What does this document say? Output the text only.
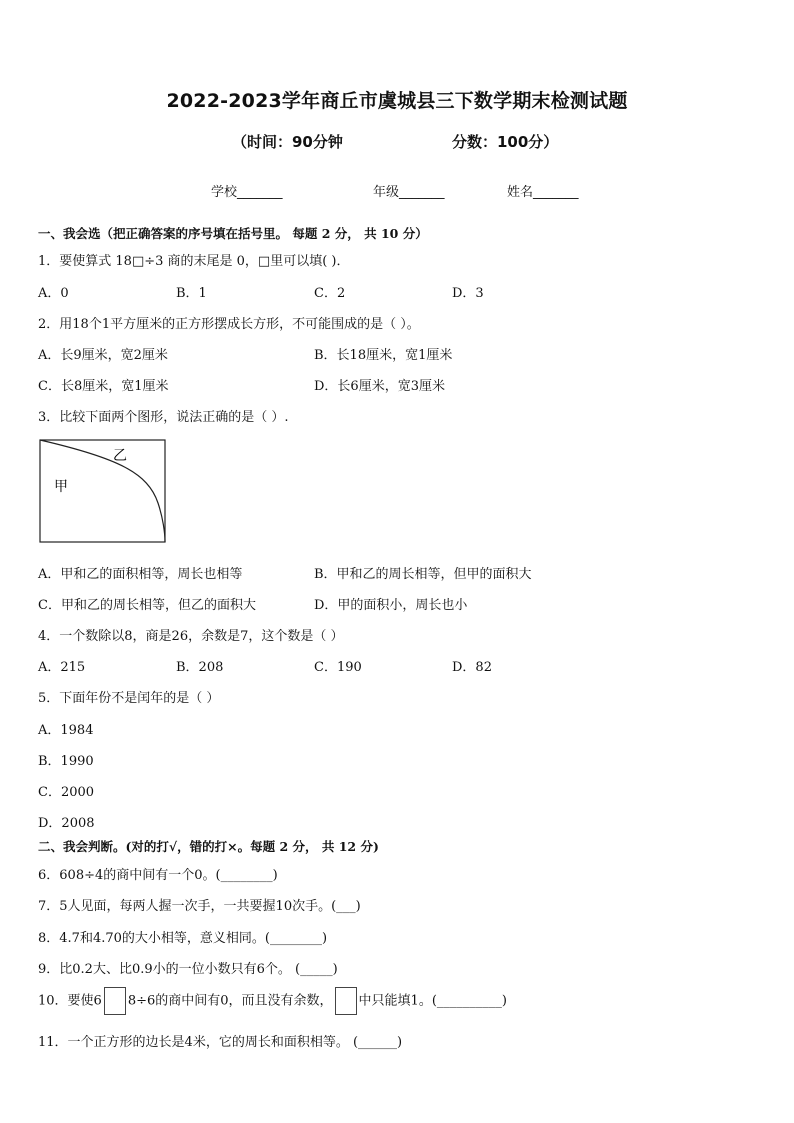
2022-2023学年商丘市虞城县三下数学期末检测试题
（时间：90分钟	分数：100分）
学校_______	年级_______	姓名_______
一、我会选（把正确答案的序号填在括号里。 每题 2 分， 共 10 分）
1．要使算式 18□÷3 商的末尾是 0，□里可以填( )．
A．0	B．1	C．2	D．3
2．用18个1平方厘米的正方形摆成长方形，不可能围成的是（ ）。
A．长9厘米，宽2厘米	B．长18厘米，宽1厘米
C．长8厘米，宽1厘米	D．长6厘米，宽3厘米
3．比较下面两个图形，说法正确的是（ ）.
乙
甲
A．甲和乙的面积相等，周长也相等	B．甲和乙的周长相等，但甲的面积大
C．甲和乙的周长相等，但乙的面积大	D．甲的面积小，周长也小
4．一个数除以8，商是26，余数是7，这个数是（ ）
A．215	B．208	C．190	D．82
5．下面年份不是闰年的是（ ）
A．1984
B．1990
C．2000
D．2008
二、我会判断。(对的打√，错的打×。每题 2 分， 共 12 分)
6．608÷4的商中间有一个0。(________)
7．5人见面，每两人握一次手，一共要握10次手。(___)
8．4.7和4.70的大小相等，意义相同。(________)
9．比0.2大、比0.9小的一位小数只有6个。 (_____)
10．要使6 8÷6的商中间有0，而且没有余数， 中只能填1。(__________)
11．一个正方形的边长是4米，它的周长和面积相等。 (______)
